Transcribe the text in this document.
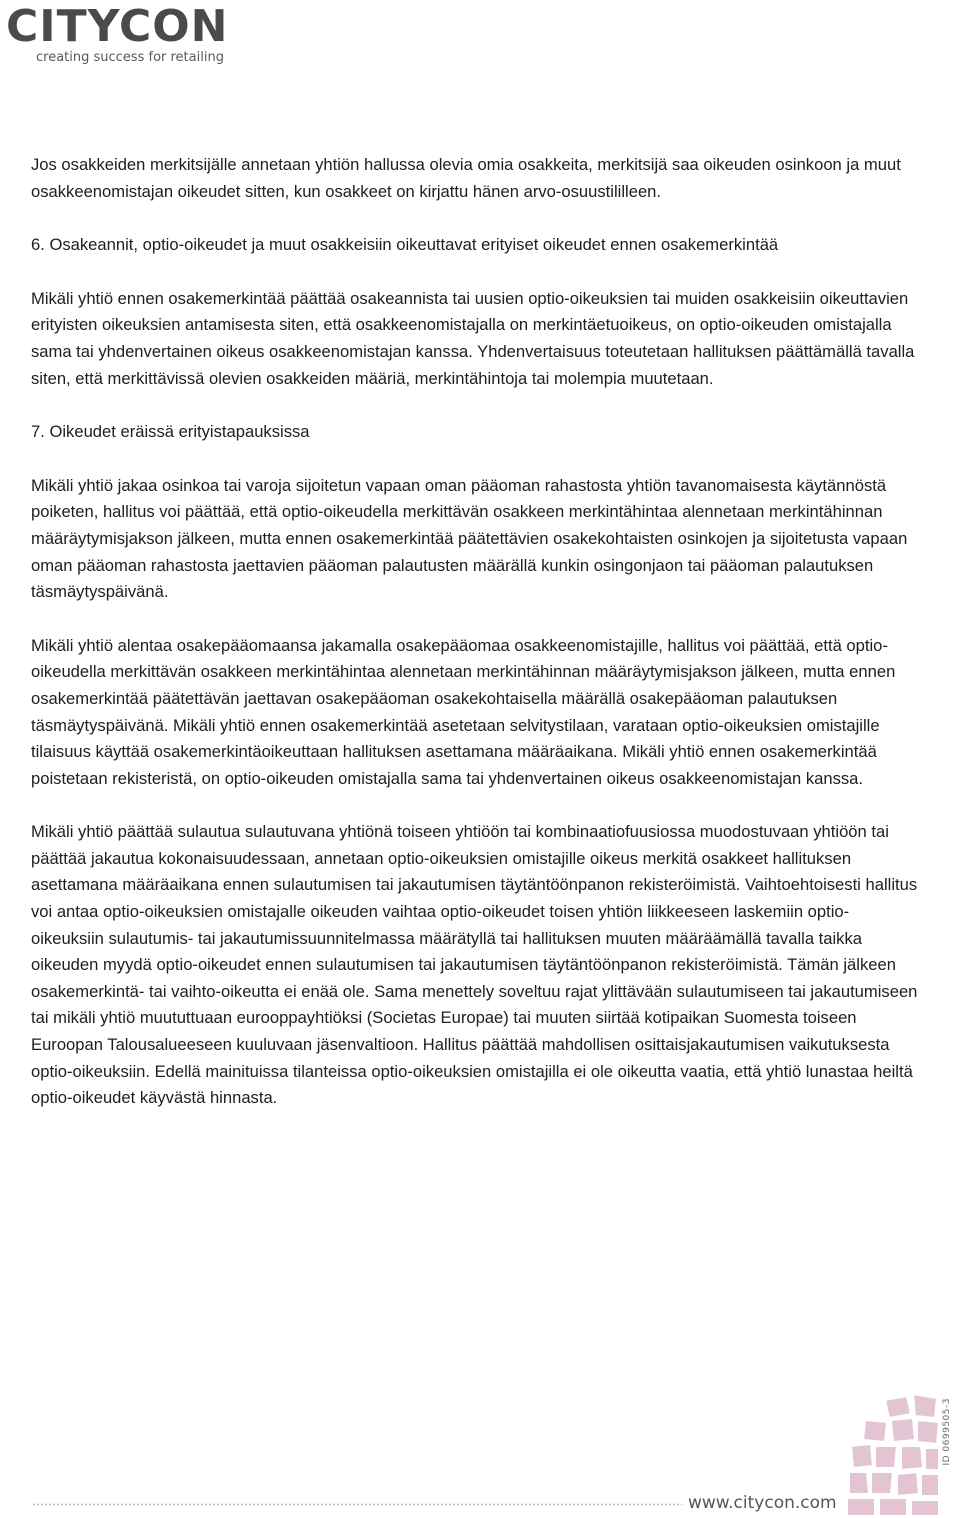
CITYCON
creating success for retailing

Jos osakkeiden merkitsijälle annetaan yhtiön hallussa olevia omia osakkeita, merkitsijä saa oikeuden osinkoon ja muut osakkeenomistajan oikeudet sitten, kun osakkeet on kirjattu hänen arvo-osuustililleen.

6. Osakeannit, optio-oikeudet ja muut osakkeisiin oikeuttavat erityiset oikeudet ennen osakemerkintää

Mikäli yhtiö ennen osakemerkintää päättää osakeannista tai uusien optio-oikeuksien tai muiden osakkeisiin oikeuttavien erityisten oikeuksien antamisesta siten, että osakkeenomistajalla on merkintäetuoikeus, on optio-oikeuden omistajalla sama tai yhdenvertainen oikeus osakkeenomistajan kanssa. Yhdenvertaisuus toteutetaan hallituksen päättämällä tavalla siten, että merkittävissä olevien osakkeiden määriä, merkintähintoja tai molempia muutetaan.

7. Oikeudet eräissä erityistapauksissa

Mikäli yhtiö jakaa osinkoa tai varoja sijoitetun vapaan oman pääoman rahastosta yhtiön tavanomaisesta käytännöstä poiketen, hallitus voi päättää, että optio-oikeudella merkittävän osakkeen merkintähintaa alennetaan merkintähinnan määräytymisjakson jälkeen, mutta ennen osakemerkintää päätettävien osakekohtaisten osinkojen ja sijoitetusta vapaan oman pääoman rahastosta jaettavien pääoman palautusten määrällä kunkin osingonjaon tai pääoman palautuksen täsmäytyspäivänä.

Mikäli yhtiö alentaa osakepääomaansa jakamalla osakepääomaa osakkeenomistajille, hallitus voi päättää, että optio-oikeudella merkittävän osakkeen merkintähintaa alennetaan merkintähinnan määräytymisjakson jälkeen, mutta ennen osakemerkintää päätettävän jaettavan osakepääoman osakekohtaisella määrällä osakepääoman palautuksen täsmäytyspäivänä. Mikäli yhtiö ennen osakemerkintää asetetaan selvitystilaan, varataan optio-oikeuksien omistajille tilaisuus käyttää osakemerkintäoikeuttaan hallituksen asettamana määräaikana. Mikäli yhtiö ennen osakemerkintää poistetaan rekisteristä, on optio-oikeuden omistajalla sama tai yhdenvertainen oikeus osakkeenomistajan kanssa.

Mikäli yhtiö päättää sulautua sulautuvana yhtiönä toiseen yhtiöön tai kombinaatiofuusiossa muodostuvaan yhtiöön tai päättää jakautua kokonaisuudessaan, annetaan optio-oikeuksien omistajille oikeus merkitä osakkeet hallituksen asettamana määräaikana ennen sulautumisen tai jakautumisen täytäntöönpanon rekisteröimistä. Vaihtoehtoisesti hallitus voi antaa optio-oikeuksien omistajalle oikeuden vaihtaa optio-oikeudet toisen yhtiön liikkeeseen laskemiin optio-oikeuksiin sulautumis- tai jakautumissuunnitelmassa määrätyllä tai hallituksen muuten määräämällä tavalla taikka oikeuden myydä optio-oikeudet ennen sulautumisen tai jakautumisen täytäntöönpanon rekisteröimistä. Tämän jälkeen osakemerkintä- tai vaihto-oikeutta ei enää ole. Sama menettely soveltuu rajat ylittävään sulautumiseen tai jakautumiseen tai mikäli yhtiö muututtuaan eurooppayhtiöksi (Societas Europae) tai muuten siirtää kotipaikan Suomesta toiseen Euroopan Talousalueeseen kuuluvaan jäsenvaltioon. Hallitus päättää mahdollisen osittaisjakautumisen vaikutuksesta optio-oikeuksiin. Edellä mainituissa tilanteissa optio-oikeuksien omistajilla ei ole oikeutta vaatia, että yhtiö lunastaa heiltä optio-oikeudet käyvästä hinnasta.

ID 0699505-3
www.citycon.com
